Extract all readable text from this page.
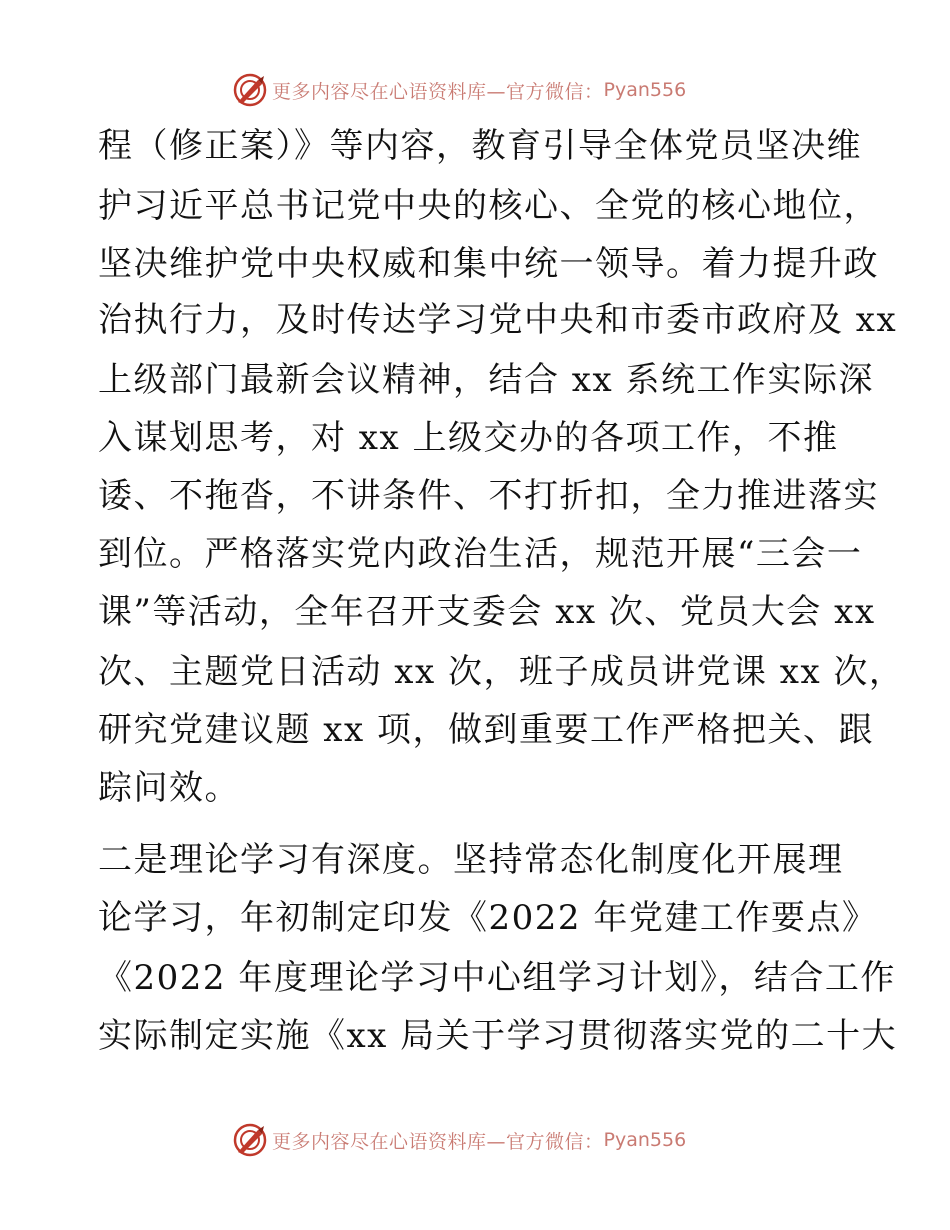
更多内容尽在心语资料库—官方微信： Pyan556
程（修正案）》等内容，教育引导全体党员坚决维
护习近平总书记党中央的核心、全党的核心地位，
坚决维护党中央权威和集中统一领导。着力提升政
治执行力，及时传达学习党中央和市委市政府及 xx
上级部门最新会议精神，结合 xx 系统工作实际深
入谋划思考，对 xx 上级交办的各项工作，不推
诿、不拖沓，不讲条件、不打折扣，全力推进落实
到位。严格落实党内政治生活，规范开展“三会一
课”等活动，全年召开支委会 xx 次、党员大会 xx
次、主题党日活动 xx 次，班子成员讲党课 xx 次，
研究党建议题 xx 项，做到重要工作严格把关、跟
踪问效。
二是理论学习有深度。坚持常态化制度化开展理
论学习，年初制定印发《2022 年党建工作要点》
《2022 年度理论学习中心组学习计划》，结合工作
实际制定实施《xx 局关于学习贯彻落实党的二十大
更多内容尽在心语资料库—官方微信： Pyan556
